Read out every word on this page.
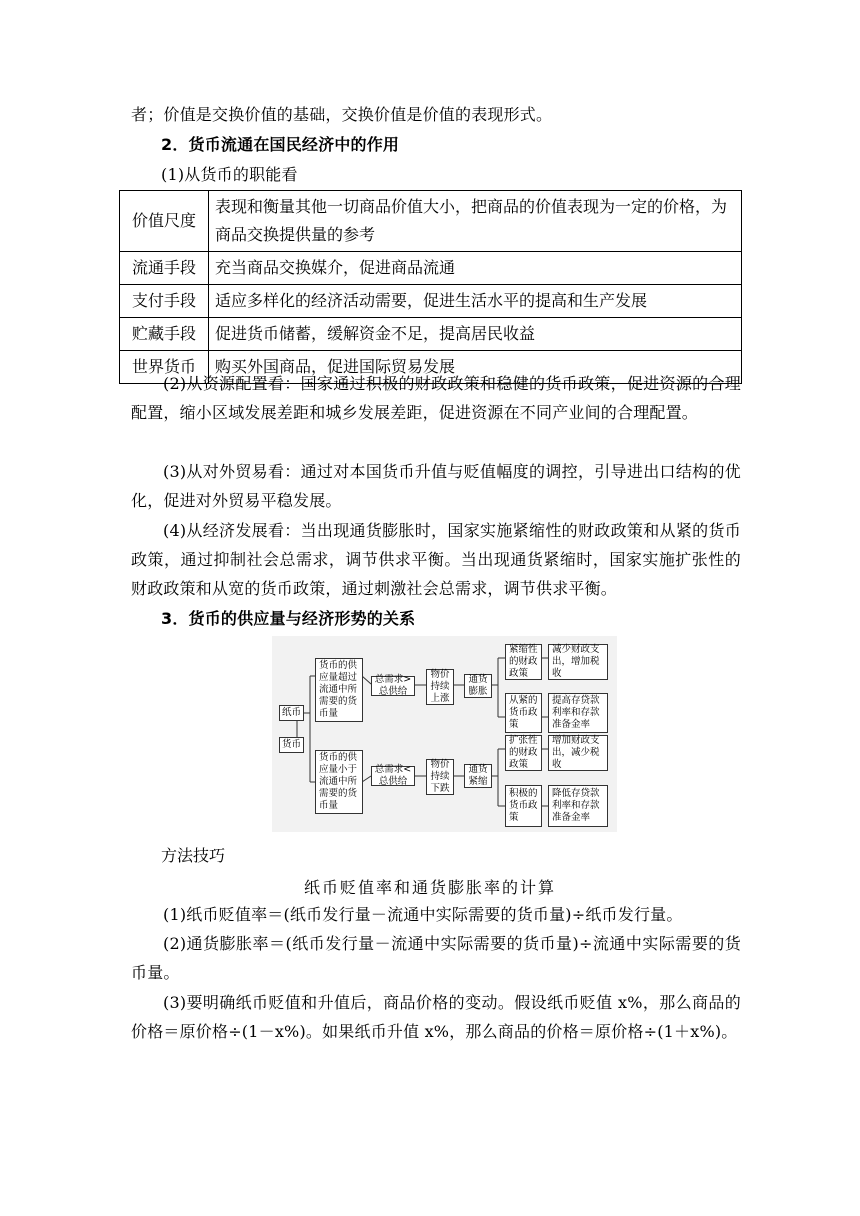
者；价值是交换价值的基础，交换价值是价值的表现形式。

2．货币流通在国民经济中的作用

(1)从货币的职能看

价值尺度	表现和衡量其他一切商品价值大小，把商品的价值表现为一定的价格，为商品交换提供量的参考
流通手段	充当商品交换媒介，促进商品流通
支付手段	适应多样化的经济活动需要，促进生活水平的提高和生产发展
贮藏手段	促进货币储蓄，缓解资金不足，提高居民收益
世界货币	购买外国商品，促进国际贸易发展

(2)从资源配置看：国家通过积极的财政政策和稳健的货币政策，促进资源的合理配置，缩小区域发展差距和城乡发展差距，促进资源在不同产业间的合理配置。

(3)从对外贸易看：通过对本国货币升值与贬值幅度的调控，引导进出口结构的优化，促进对外贸易平稳发展。

(4)从经济发展看：当出现通货膨胀时，国家实施紧缩性的财政政策和从紧的货币政策，通过抑制社会总需求，调节供求平衡。当出现通货紧缩时，国家实施扩张性的财政政策和从宽的货币政策，通过刺激社会总需求，调节供求平衡。

3．货币的供应量与经济形势的关系

纸币
货币
货币的供应量超过流通中所需要的货币量
总需求>总供给
物价持续上涨
通货膨胀
紧缩性的财政政策
减少财政支出，增加税收
从紧的货币政策
提高存贷款利率和存款准备金率
货币的供应量小于流通中所需要的货币量
总需求<总供给
物价持续下跌
通货紧缩
扩张性的财政政策
增加财政支出，减少税收
积极的货币政策
降低存贷款利率和存款准备金率
方法技巧
纸币贬值率和通货膨胀率的计算

(1)纸币贬值率＝(纸币发行量－流通中实际需要的货币量)÷纸币发行量。

(2)通货膨胀率＝(纸币发行量－流通中实际需要的货币量)÷流通中实际需要的货币量。

(3)要明确纸币贬值和升值后，商品价格的变动。假设纸币贬值 x%，那么商品的价格＝原价格÷(1－x%)。如果纸币升值 x%，那么商品的价格＝原价格÷(1＋x%)。
